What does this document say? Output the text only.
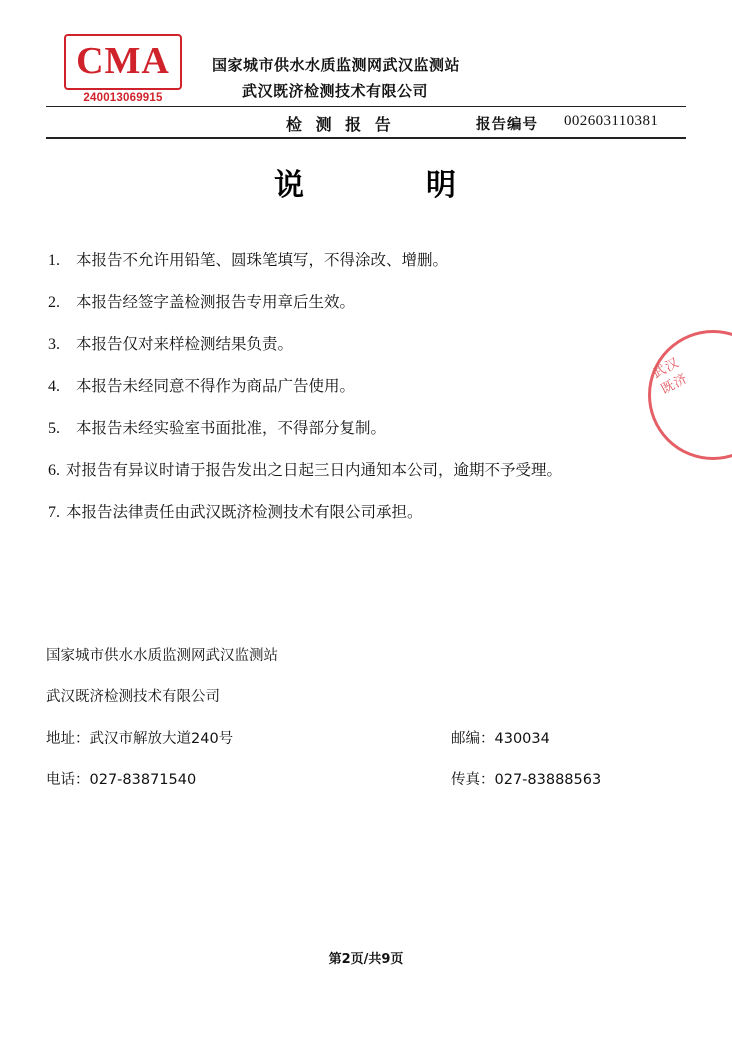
CMA
240013069915
国家城市供水水质监测网武汉监测站
武汉既济检测技术有限公司
检 测 报 告	报告编号 002603110381
说	明
1.	本报告不允许用铅笔、圆珠笔填写，不得涂改、增删。
2.	本报告经签字盖检测报告专用章后生效。
3.	本报告仅对来样检测结果负责。
4.	本报告未经同意不得作为商品广告使用。
5.	本报告未经实验室书面批准，不得部分复制。
6. 对报告有异议时请于报告发出之日起三日内通知本公司，逾期不予受理。
7. 本报告法律责任由武汉既济检测技术有限公司承担。
国家城市供水水质监测网武汉监测站
武汉既济检测技术有限公司
地址：武汉市解放大道240号	邮编：430034
电话：027-83871540	传真：027-83888563
武汉既济
第2页/共9页
